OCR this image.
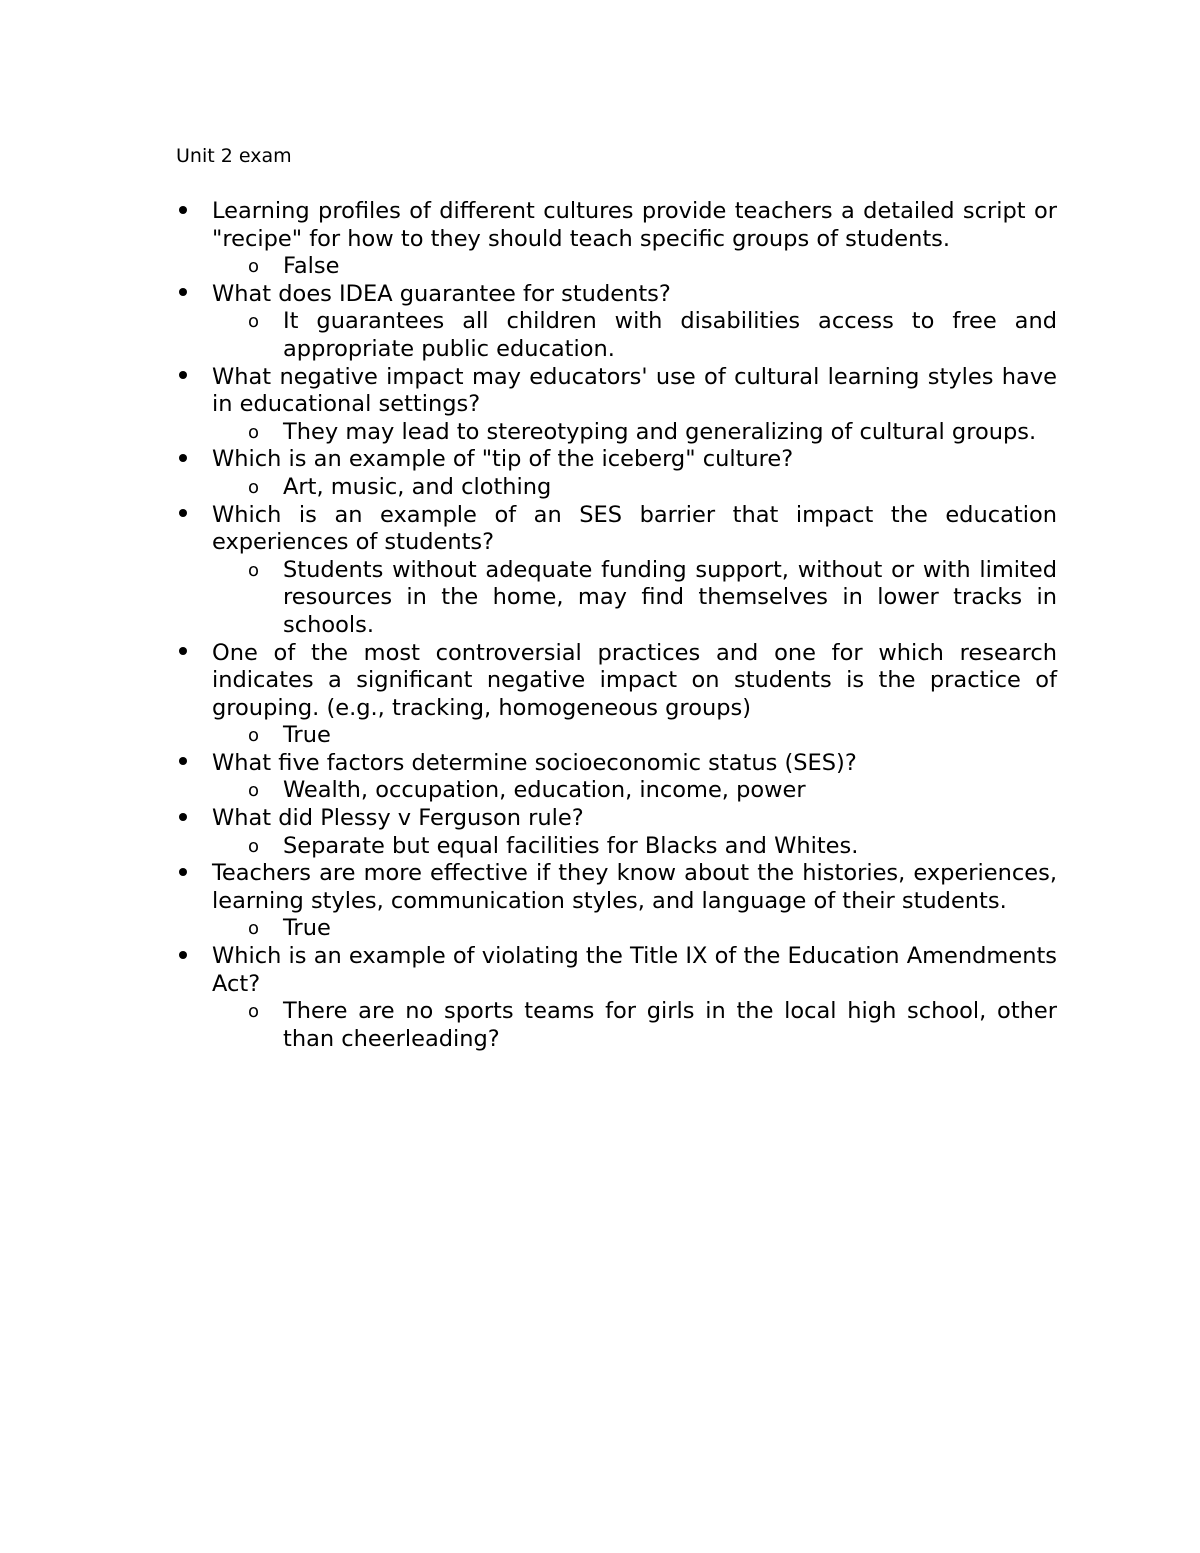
Unit 2 exam
Learning profiles of different cultures provide teachers a detailed script or "recipe" for how to they should teach specific groups of students.
o False
What does IDEA guarantee for students?
o It guarantees all children with disabilities access to free and appropriate public education.
What negative impact may educators' use of cultural learning styles have in educational settings?
o They may lead to stereotyping and generalizing of cultural groups.
Which is an example of "tip of the iceberg" culture?
o Art, music, and clothing
Which is an example of an SES barrier that impact the education experiences of students?
o Students without adequate funding support, without or with limited resources in the home, may find themselves in lower tracks in schools.
One of the most controversial practices and one for which research indicates a significant negative impact on students is the practice of grouping. (e.g., tracking, homogeneous groups)
o True
What five factors determine socioeconomic status (SES)?
o Wealth, occupation, education, income, power
What did Plessy v Ferguson rule?
o Separate but equal facilities for Blacks and Whites.
Teachers are more effective if they know about the histories, experiences, learning styles, communication styles, and language of their students.
o True
Which is an example of violating the Title IX of the Education Amendments Act?
o There are no sports teams for girls in the local high school, other than cheerleading?
